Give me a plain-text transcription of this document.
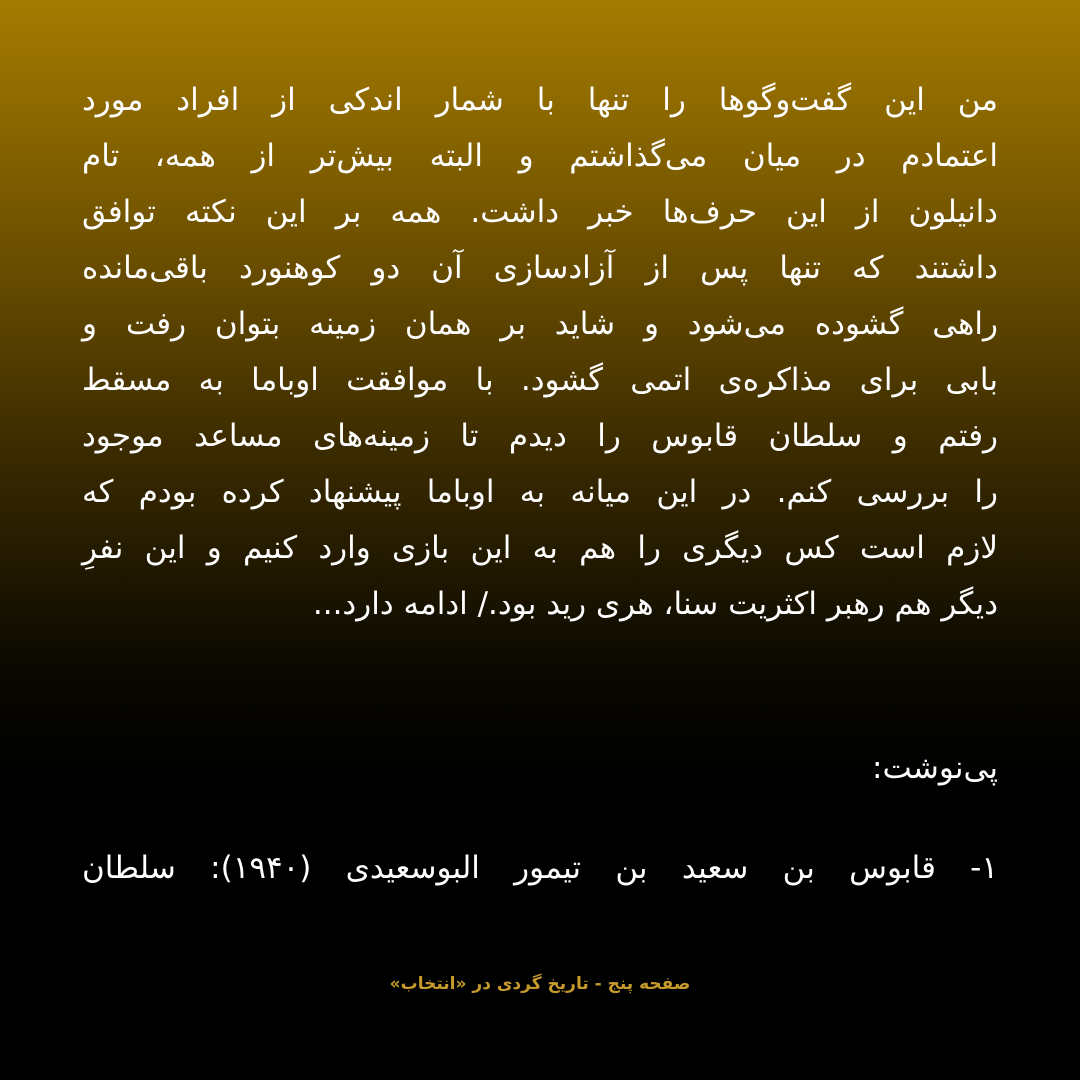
من این گفت‌وگوها را تنها با شمار اندکی از افراد مورد
اعتمادم در میان می‌گذاشتم و البته بیش‌تر از همه، تام
دانیلون از این حرف‌ها خبر داشت. همه بر این نکته توافق
داشتند که تنها پس از آزادسازی آن دو کوهنورد باقی‌مانده
راهی گشوده می‌شود و شاید بر همان زمینه بتوان رفت و
بابی برای مذاکره‌ی اتمی گشود. با موافقت اوباما به مسقط
رفتم و سلطان قابوس را دیدم تا زمینه‌های مساعد موجود
را بررسی کنم. در این میانه به اوباما پیشنهاد کرده بودم که
لازم است کس دیگری را هم به این بازی وارد کنیم و این نفرِ
دیگر هم رهبر اکثریت سنا، هری رید بود./ ادامه دارد...
پی‌نوشت:
۱- قابوس بن سعید بن تیمور البوسعیدی (۱۹۴۰): سلطان
صفحه پنج - تاریخ گردی در «انتخاب»
